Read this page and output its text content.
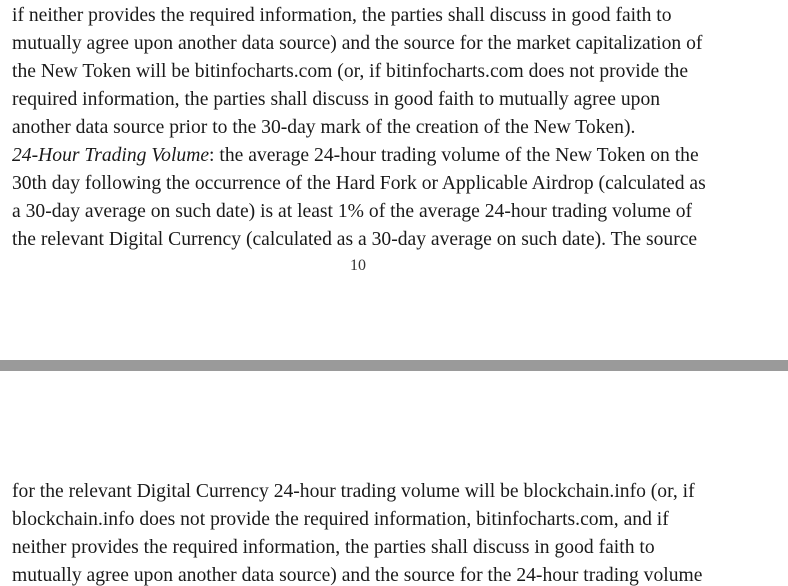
if neither provides the required information, the parties shall discuss in good faith to
mutually agree upon another data source) and the source for the market capitalization of
the New Token will be bitinfocharts.com (or, if bitinfocharts.com does not provide the
required information, the parties shall discuss in good faith to mutually agree upon
another data source prior to the 30-day mark of the creation of the New Token).
24-Hour Trading Volume: the average 24-hour trading volume of the New Token on the
30th day following the occurrence of the Hard Fork or Applicable Airdrop (calculated as
a 30-day average on such date) is at least 1% of the average 24-hour trading volume of
the relevant Digital Currency (calculated as a 30-day average on such date). The source
10
for the relevant Digital Currency 24-hour trading volume will be blockchain.info (or, if
blockchain.info does not provide the required information, bitinfocharts.com, and if
neither provides the required information, the parties shall discuss in good faith to
mutually agree upon another data source) and the source for the 24-hour trading volume
